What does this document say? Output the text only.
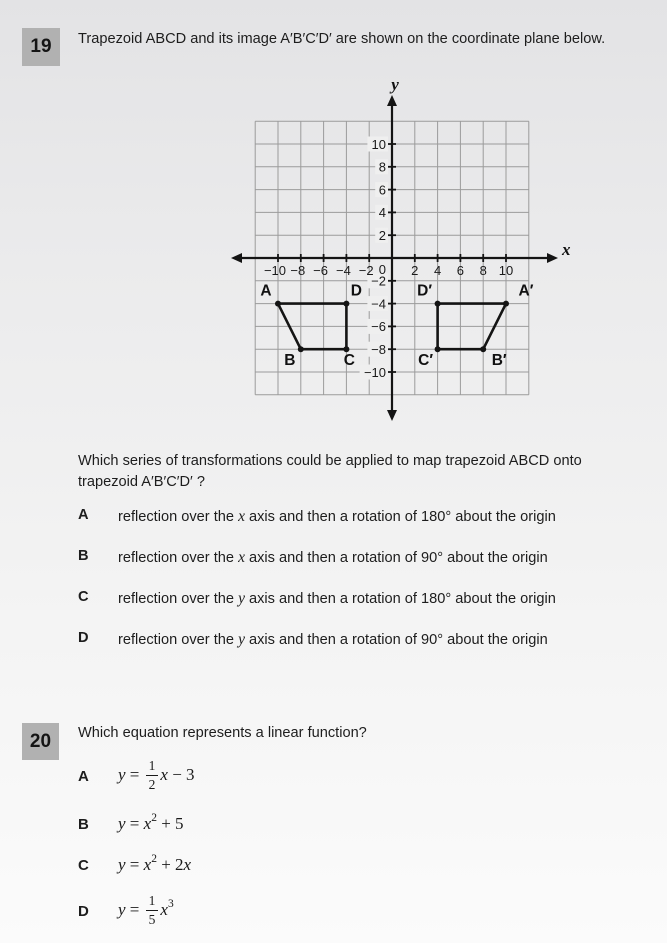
19	Trapezoid ABCD and its image A′B′C′D′ are shown on the coordinate plane below.
10
8
6
4
2
−2
−4
−6
−8
−10
−10 −8 −6 −4 −2	2 4 6 8 10
0
y
x
A
B	C
D	D′	A′
B′
C′
Which series of transformations could be applied to map trapezoid ABCD onto
trapezoid A′B′C′D′ ?
A	reflection over the x axis and then a rotation of 180° about the origin

B	reflection over the x axis and then a rotation of 90° about the origin

C	reflection over the y axis and then a rotation of 180° about the origin

D	reflection over the y axis and then a rotation of 90° about the origin

20	Which equation represents a linear function?
A	$y = \frac{1}{2}$ x − 3
B	$y = x^2 + 5$
C	$y = x^2 + 2x$
D	$y = \frac{1}{5} x^3$
